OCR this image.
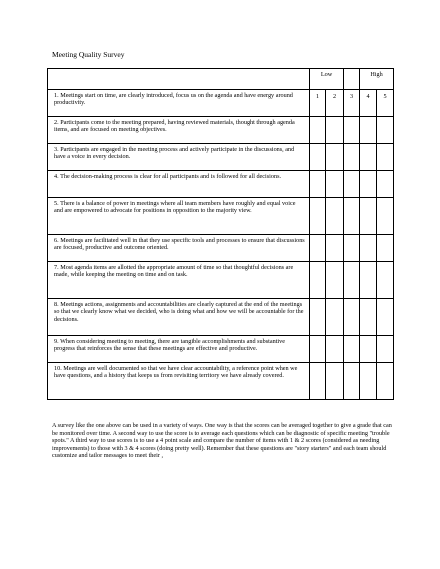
Meeting Quality Survey
	Low			High	
1. Meetings start on time, are clearly introduced, focus us on the agenda and have energy around productivity.	1	2	3	4	5
2. Participants come to the meeting prepared, having reviewed materials, thought through agenda items, and are focused on meeting objectives.					
3. Participants are engaged in the meeting process and actively participate in the discussions, and have a voice in every decision.					
4. The decision-making process is clear for all participants and is followed for all decisions.					
5. There is a balance of power in meetings where all team members have roughly and equal voice and are empowered to advocate for positions in opposition to the majority view.					
6. Meetings are facilitated well in that they use specific tools and processes to ensure that discussions are focused, productive and outcome oriented.					
7. Most agenda items are allotted the appropriate amount of time so that thoughtful decisions are made, while keeping the meeting on time and on task.					
8. Meetings actions, assignments and accountabilities are clearly captured at the end of the meetings so that we clearly know what we decided, who is doing what and how we will be accountable for the decisions.					
9. When considering meeting to meeting, there are tangible accomplishments and substantive progress that reinforces the sense that these meetings are effective and productive.					
10. Meetings are well documented so that we have clear accountability, a reference point when we have questions, and a history that keeps us from revisiting territory we have already covered.					

A survey like the one above can be used in a variety of ways. One way is that the scores can be averaged together to give a grade that can be monitored over time. A second way to use the score is to average each questions which can be diagnostic of specific meeting "trouble spots." A third way to use scores is to use a 4 point scale and compare the number of items with 1 & 2 scores (considered as needing improvements) to those with 3 & 4 scores (doing pretty well). Remember that these questions are "story starters" and each team should customize and tailor messages to meet their ,
